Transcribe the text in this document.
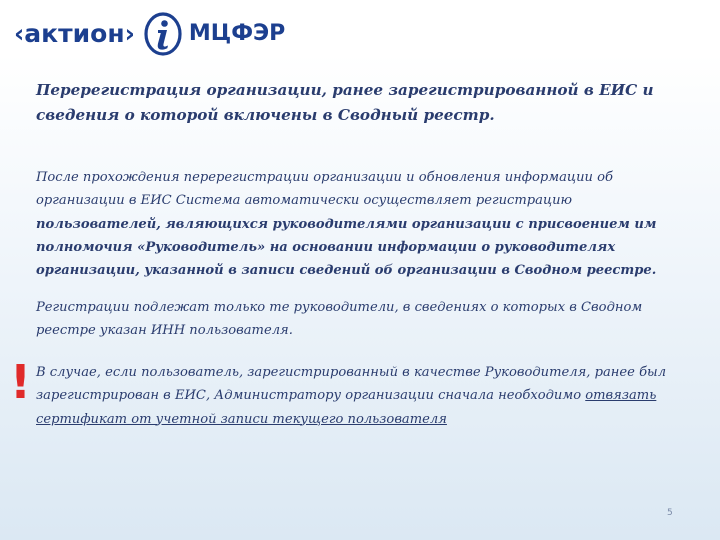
‹актион› МЦФЭР

Перерегистрация организации, ранее зарегистрированной в ЕИС и сведения о которой включены в Сводный реестр.

После прохождения перерегистрации организации и обновления информации об организации в ЕИС Система автоматически осуществляет регистрацию пользователей, являющихся руководителями организации с присвоением им полномочия «Руководитель» на основании информации о руководителях организации, указанной в записи сведений об организации в Сводном реестре.

Регистрации подлежат только те руководители, в сведениях о которых в Сводном реестре указан ИНН пользователя.

! В случае, если пользователь, зарегистрированный в качестве Руководителя, ранее был зарегистрирован в ЕИС, Администратору организации сначала необходимо отвязать сертификат от учетной записи текущего пользователя

5
